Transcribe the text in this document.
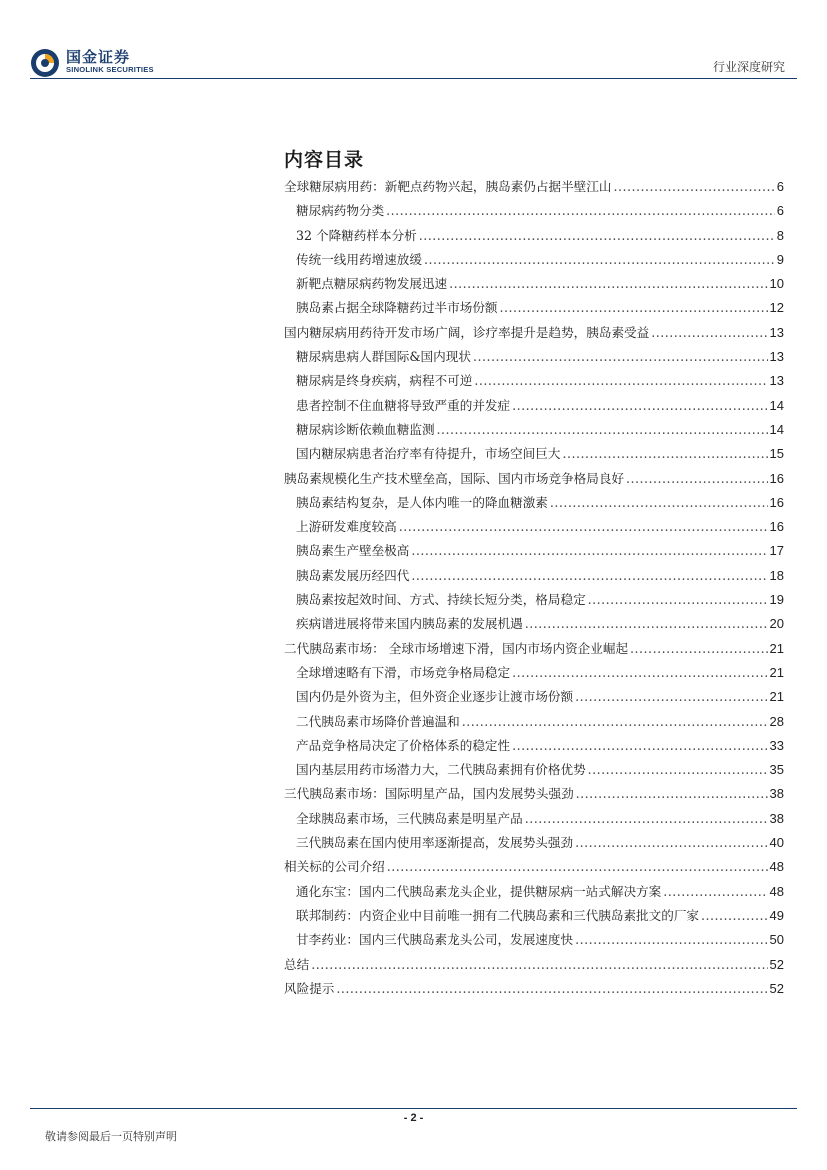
国金证券
SINOLINK SECURITIES	行业深度研究
内容目录
全球糖尿病用药：新靶点药物兴起，胰岛素仍占据半壁江山 .....	6
糖尿病药物分类 .....	6
32 个降糖药样本分析 .....	8
传统一线用药增速放缓 .....	9
新靶点糖尿病药物发展迅速 .....	10
胰岛素占据全球降糖药过半市场份额 .....	12
国内糖尿病用药待开发市场广阔，诊疗率提升是趋势，胰岛素受益 .....	13
糖尿病患病人群国际&国内现状 .....	13
糖尿病是终身疾病，病程不可逆 .....	13
患者控制不住血糖将导致严重的并发症 .....	14
糖尿病诊断依赖血糖监测 .....	14
国内糖尿病患者治疗率有待提升，市场空间巨大 .....	15
胰岛素规模化生产技术壁垒高，国际、国内市场竞争格局良好 .....	16
胰岛素结构复杂，是人体内唯一的降血糖激素 .....	16
上游研发难度较高 .....	16
胰岛素生产壁垒极高 .....	17
胰岛素发展历经四代 .....	18
胰岛素按起效时间、方式、持续长短分类，格局稳定 .....	19
疾病谱进展将带来国内胰岛素的发展机遇 .....	20
二代胰岛素市场： 全球市场增速下滑，国内市场内资企业崛起 .....	21
全球增速略有下滑，市场竞争格局稳定 .....	21
国内仍是外资为主，但外资企业逐步让渡市场份额 .....	21
二代胰岛素市场降价普遍温和 .....	28
产品竞争格局决定了价格体系的稳定性 .....	33
国内基层用药市场潜力大，二代胰岛素拥有价格优势 .....	35
三代胰岛素市场：国际明星产品，国内发展势头强劲 .....	38
全球胰岛素市场，三代胰岛素是明星产品 .....	38
三代胰岛素在国内使用率逐渐提高，发展势头强劲 .....	40
相关标的公司介绍 .....	48
通化东宝：国内二代胰岛素龙头企业，提供糖尿病一站式解决方案 .....	48
联邦制药：内资企业中目前唯一拥有二代胰岛素和三代胰岛素批文的厂家 .....	49
甘李药业：国内三代胰岛素龙头公司，发展速度快 .....	50
总结 .....	52
风险提示 .....	52
- 2 -
敬请参阅最后一页特别声明
